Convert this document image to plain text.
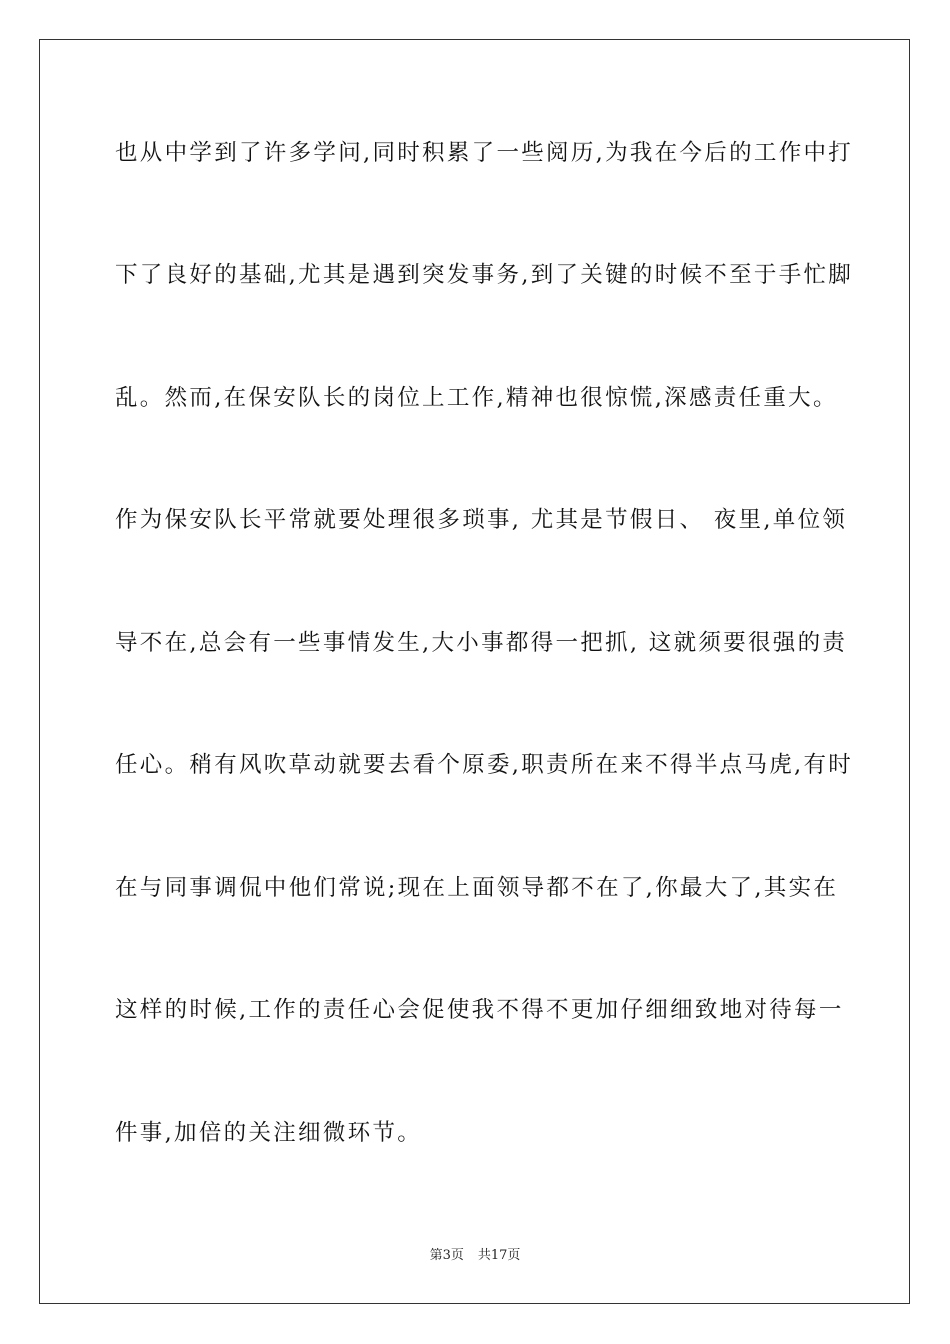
也从中学到了许多学问,同时积累了一些阅历,为我在今后的工作中打
下了良好的基础,尤其是遇到突发事务,到了关键的时候不至于手忙脚
乱。然而,在保安队长的岗位上工作,精神也很惊慌,深感责任重大。
作为保安队长平常就要处理很多琐事, 尤其是节假日、 夜里,单位领
导不在,总会有一些事情发生,大小事都得一把抓, 这就须要很强的责
任心。稍有风吹草动就要去看个原委,职责所在来不得半点马虎,有时
在与同事调侃中他们常说;现在上面领导都不在了,你最大了,其实在
这样的时候,工作的责任心会促使我不得不更加仔细细致地对待每一
件事,加倍的关注细微环节。
第3页 共17页
